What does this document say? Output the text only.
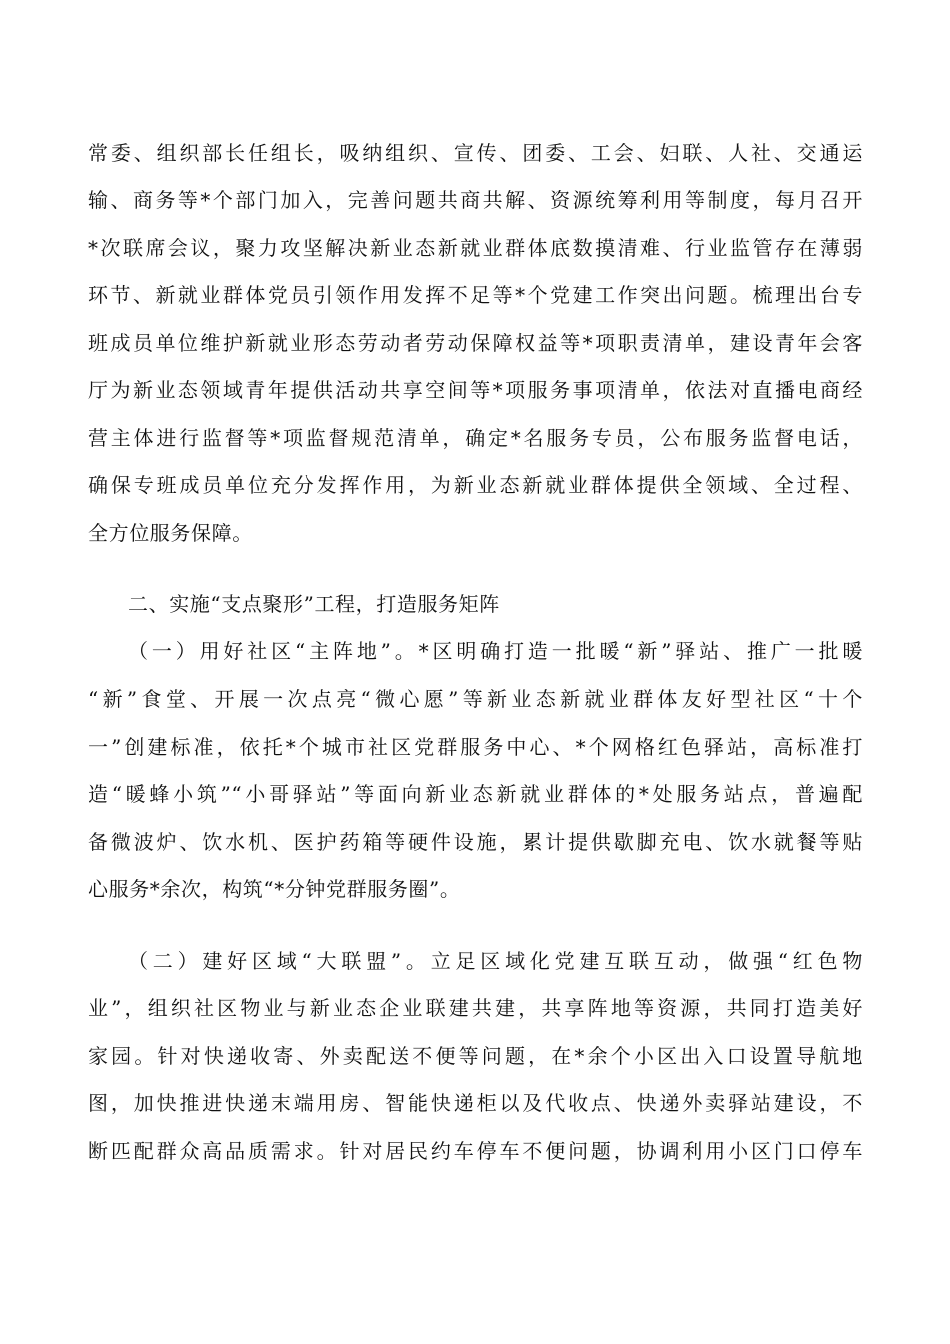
常委、组织部长任组长，吸纳组织、宣传、团委、工会、妇联、人社、交通运
输、商务等*个部门加入，完善问题共商共解、资源统筹利用等制度，每月召开
*次联席会议，聚力攻坚解决新业态新就业群体底数摸清难、行业监管存在薄弱
环节、新就业群体党员引领作用发挥不足等*个党建工作突出问题。梳理出台专
班成员单位维护新就业形态劳动者劳动保障权益等*项职责清单，建设青年会客
厅为新业态领域青年提供活动共享空间等*项服务事项清单，依法对直播电商经
营主体进行监督等*项监督规范清单，确定*名服务专员，公布服务监督电话，
确保专班成员单位充分发挥作用，为新业态新就业群体提供全领域、全过程、
全方位服务保障。
二、实施“支点聚形”工程，打造服务矩阵
（一）用好社区“主阵地”。*区明确打造一批暖“新”驿站、推广一批暖
“新”食堂、开展一次点亮“微心愿”等新业态新就业群体友好型社区“十个
一”创建标准，依托*个城市社区党群服务中心、*个网格红色驿站，高标准打
造“暖蜂小筑”“小哥驿站”等面向新业态新就业群体的*处服务站点，普遍配
备微波炉、饮水机、医护药箱等硬件设施，累计提供歇脚充电、饮水就餐等贴
心服务*余次，构筑“*分钟党群服务圈”。
（二）建好区域“大联盟”。立足区域化党建互联互动，做强“红色物
业”，组织社区物业与新业态企业联建共建，共享阵地等资源，共同打造美好
家园。针对快递收寄、外卖配送不便等问题，在*余个小区出入口设置导航地
图，加快推进快递末端用房、智能快递柜以及代收点、快递外卖驿站建设，不
断匹配群众高品质需求。针对居民约车停车不便问题，协调利用小区门口停车
